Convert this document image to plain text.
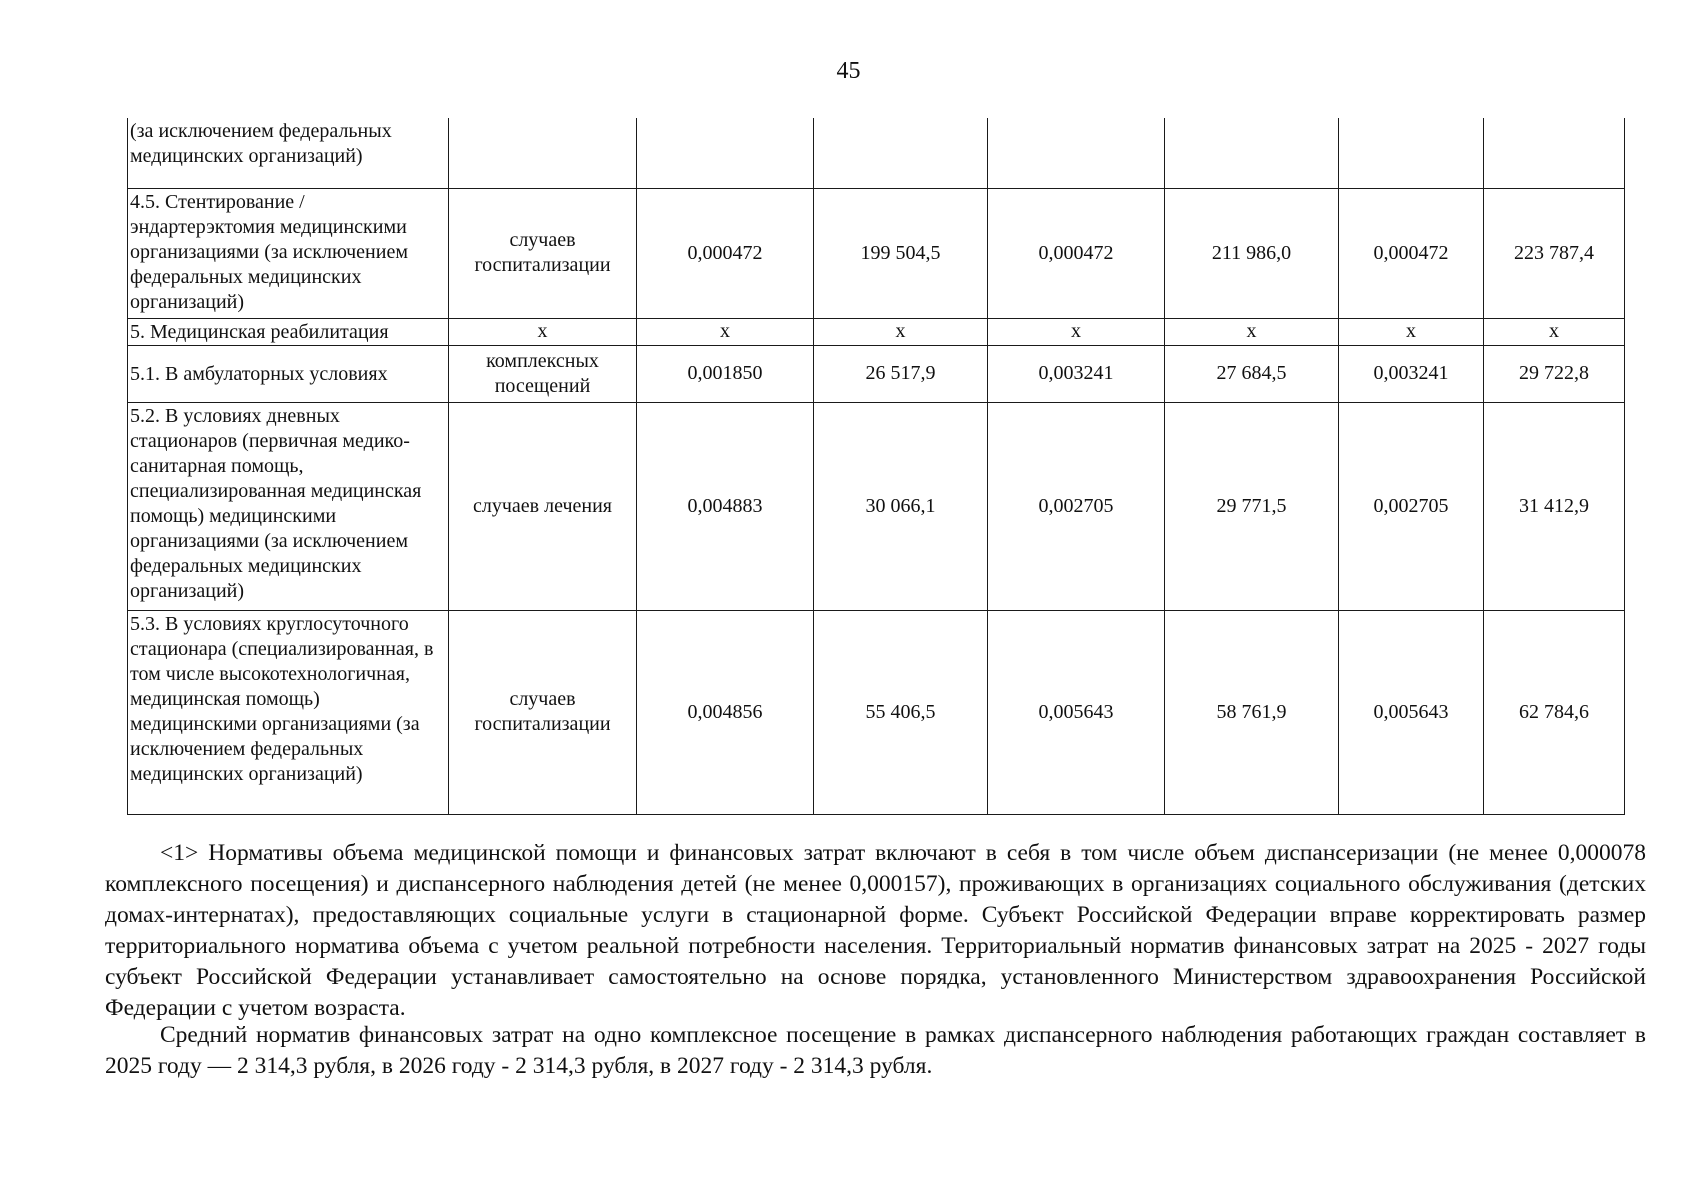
45
(за исключением федеральных медицинских организаций)							
4.5. Стентирование / эндартерэктомия медицинскими организациями (за исключением федеральных медицинских организаций)	случаев госпитализации	0,000472	199 504,5	0,000472	211 986,0	0,000472	223 787,4
5. Медицинская реабилитация	х	х	х	х	х	х	х
5.1. В амбулаторных условиях	комплексных посещений	0,001850	26 517,9	0,003241	27 684,5	0,003241	29 722,8
5.2. В условиях дневных стационаров (первичная медико-санитарная помощь, специализированная медицинская помощь) медицинскими организациями (за исключением федеральных медицинских организаций)	случаев лечения	0,004883	30 066,1	0,002705	29 771,5	0,002705	31 412,9
5.3. В условиях круглосуточного стационара (специализированная, в том числе высокотехнологичная, медицинская помощь) медицинскими организациями (за исключением федеральных медицинских организаций)	случаев госпитализации	0,004856	55 406,5	0,005643	58 761,9	0,005643	62 784,6

<1> Нормативы объема медицинской помощи и финансовых затрат включают в себя в том числе объем диспансеризации (не менее 0,000078 комплексного посещения) и диспансерного наблюдения детей (не менее 0,000157), проживающих в организациях социального обслуживания (детских домах-интернатах), предоставляющих социальные услуги в стационарной форме. Субъект Российской Федерации вправе корректировать размер территориального норматива объема с учетом реальной потребности населения. Территориальный норматив финансовых затрат на 2025 - 2027 годы субъект Российской Федерации устанавливает самостоятельно на основе порядка, установленного Министерством здравоохранения Российской Федерации с учетом возраста.

Средний норматив финансовых затрат на одно комплексное посещение в рамках диспансерного наблюдения работающих граждан составляет в 2025 году — 2 314,3 рубля, в 2026 году - 2 314,3 рубля, в 2027 году - 2 314,3 рубля.
